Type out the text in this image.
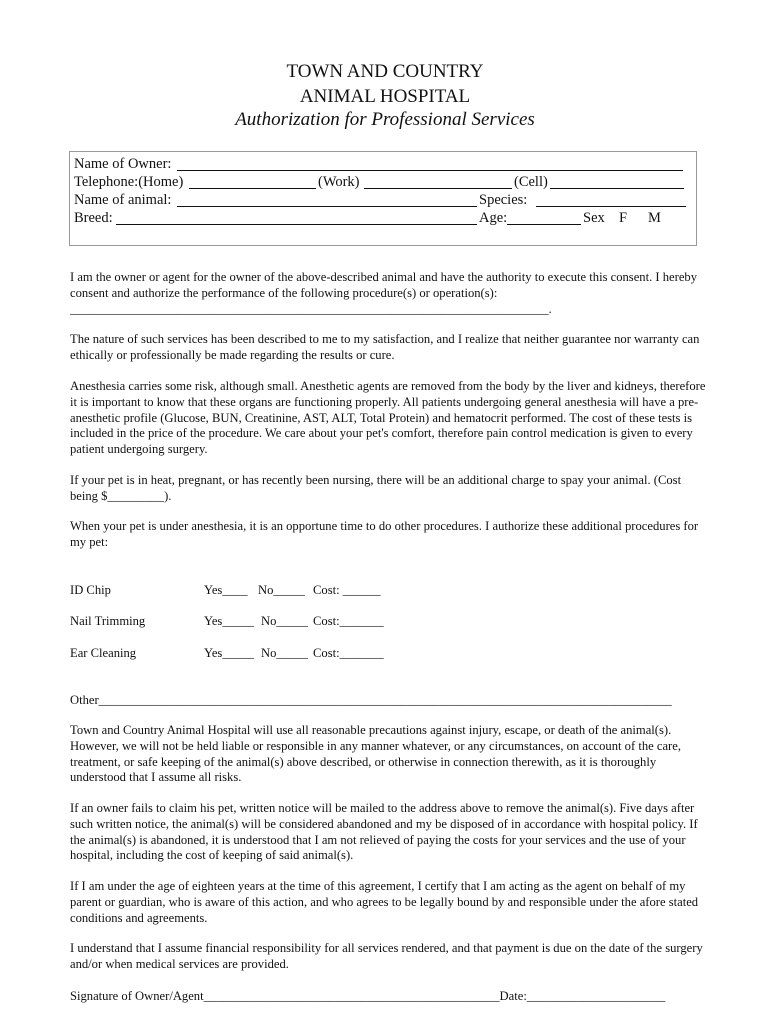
TOWN AND COUNTRY
ANIMAL HOSPITAL
Authorization for Professional Services
Name of Owner:
Telephone:(Home)	(Work)	(Cell)
Name of animal:	Species:
Breed:	Age:	Sex F M

I am the owner or agent for the owner of the above-described animal and have the authority to execute this consent. I hereby consent and authorize the performance of the following procedure(s) or operation(s):

____________________________________________________________________________.

The nature of such services has been described to me to my satisfaction, and I realize that neither guarantee nor warranty can ethically or professionally be made regarding the results or cure.
Anesthesia carries some risk, although small. Anesthetic agents are removed from the body by the liver and kidneys, therefore it is important to know that these organs are functioning properly. All patients undergoing general anesthesia will have a pre-anesthetic profile (Glucose, BUN, Creatinine, AST, ALT, Total Protein) and hematocrit performed. The cost of these tests is included in the price of the procedure. We care about your pet's comfort, therefore pain control medication is given to every patient undergoing surgery.
If your pet is in heat, pregnant, or has recently been nursing, there will be an additional charge to spay your animal. (Cost being $_________).
When your pet is under anesthesia, it is an opportune time to do other procedures. I authorize these additional procedures for my pet:
ID Chip	Yes____ No_____ Cost: ______
Nail Trimming	Yes_____ No_____ Cost:_______
Ear Cleaning	Yes_____ No_____ Cost:_______
Other___________________________________________________________________________________________
Town and Country Animal Hospital will use all reasonable precautions against injury, escape, or death of the animal(s). However, we will not be held liable or responsible in any manner whatever, or any circumstances, on account of the care, treatment, or safe keeping of the animal(s) above described, or otherwise in connection therewith, as it is thoroughly understood that I assume all risks.
If an owner fails to claim his pet, written notice will be mailed to the address above to remove the animal(s). Five days after such written notice, the animal(s) will be considered abandoned and my be disposed of in accordance with hospital policy. If the animal(s) is abandoned, it is understood that I am not relieved of paying the costs for your services and the use of your hospital, including the cost of keeping of said animal(s).
If I am under the age of eighteen years at the time of this agreement, I certify that I am acting as the agent on behalf of my parent or guardian, who is aware of this action, and who agrees to be legally bound by and responsible under the afore stated conditions and agreements.
I understand that I assume financial responsibility for all services rendered, and that payment is due on the date of the surgery and/or when medical services are provided.
Signature of Owner/Agent_______________________________________________Date:______________________
